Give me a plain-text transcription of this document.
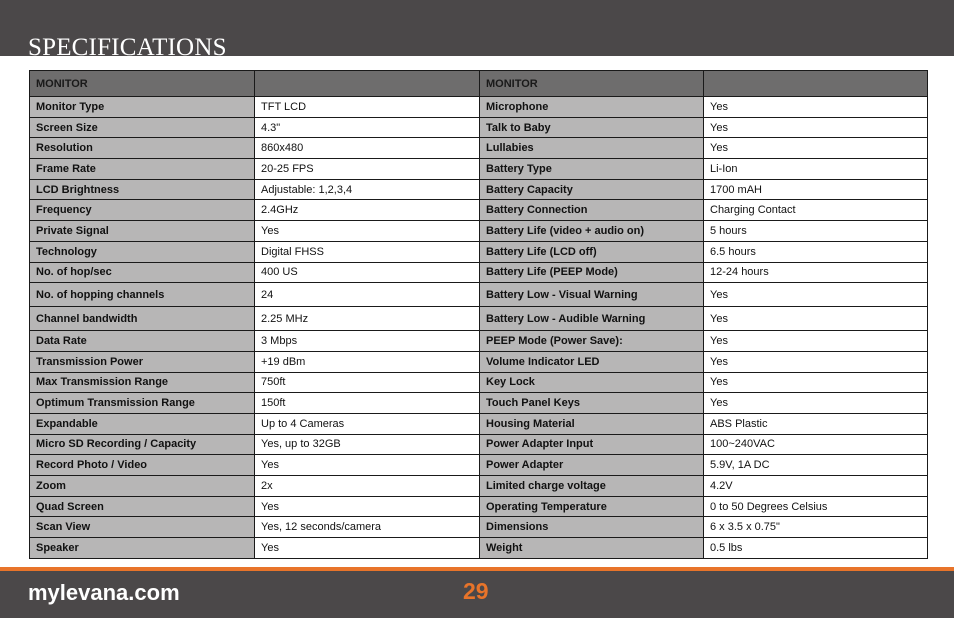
SPECIFICATIONS
MONITOR		MONITOR	
Monitor Type	TFT LCD	Microphone	Yes
Screen Size	4.3"	Talk to Baby	Yes
Resolution	860x480	Lullabies	Yes
Frame Rate	20-25 FPS	Battery Type	Li-Ion
LCD Brightness	Adjustable: 1,2,3,4	Battery Capacity	1700 mAH
Frequency	2.4GHz	Battery Connection	Charging Contact
Private Signal	Yes	Battery Life (video + audio on)	5 hours
Technology	Digital FHSS	Battery Life (LCD off)	6.5 hours
No. of hop/sec	400 US	Battery Life (PEEP Mode)	12-24 hours
No. of hopping channels	24	Battery Low - Visual Warning	Yes
Channel bandwidth	2.25 MHz	Battery Low - Audible Warning	Yes
Data Rate	3 Mbps	PEEP Mode (Power Save):	Yes
Transmission Power	+19 dBm	Volume Indicator LED	Yes
Max Transmission Range	750ft	Key Lock	Yes
Optimum Transmission Range	150ft	Touch Panel Keys	Yes
Expandable	Up to 4 Cameras	Housing Material	ABS Plastic
Micro SD Recording / Capacity	Yes, up to 32GB	Power Adapter Input	100~240VAC
Record Photo / Video	Yes	Power Adapter	5.9V, 1A DC
Zoom	2x	Limited charge voltage	4.2V
Quad Screen	Yes	Operating Temperature	0 to 50 Degrees Celsius
Scan View	Yes, 12 seconds/camera	Dimensions	6 x 3.5 x 0.75"
Speaker	Yes	Weight	0.5 lbs
mylevana.com	29
